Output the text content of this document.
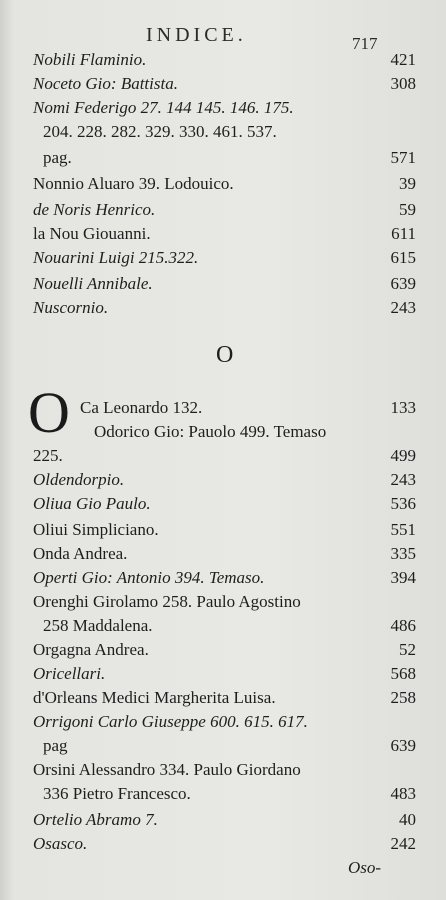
INDICE.	717
Nobili Flaminio.	421
Noceto Gio: Battista.	308
Nomi Federigo 27. 144 145. 146. 175.
204. 228. 282. 329. 330. 461. 537.
pag.	571
Nonnio Aluaro 39. Lodouico.	39
de Noris Henrico.	59
la Nou Giouanni.	611
Nouarini Luigi 215.322.	615
Nouelli Annibale.	639
Nuscornio.	243
O
O Ca Leonardo 132.	133
Odorico Gio: Pauolo 499. Temaso
225.	499
Oldendorpio.	243
Oliua Gio Paulo.	536
Oliui Simpliciano.	551
Onda Andrea.	335
Operti Gio: Antonio 394. Temaso.	394
Orenghi Girolamo 258. Paulo Agostino
258 Maddalena.	486
Orgagna Andrea.	52
Oricellari.	568
d'Orleans Medici Margherita Luisa.	258
Orrigoni Carlo Giuseppe 600. 615. 617.
pag	639
Orsini Alessandro 334. Paulo Giordano
336 Pietro Francesco.	483
Ortelio Abramo 7.	40
Osasco.	242
Oso-
